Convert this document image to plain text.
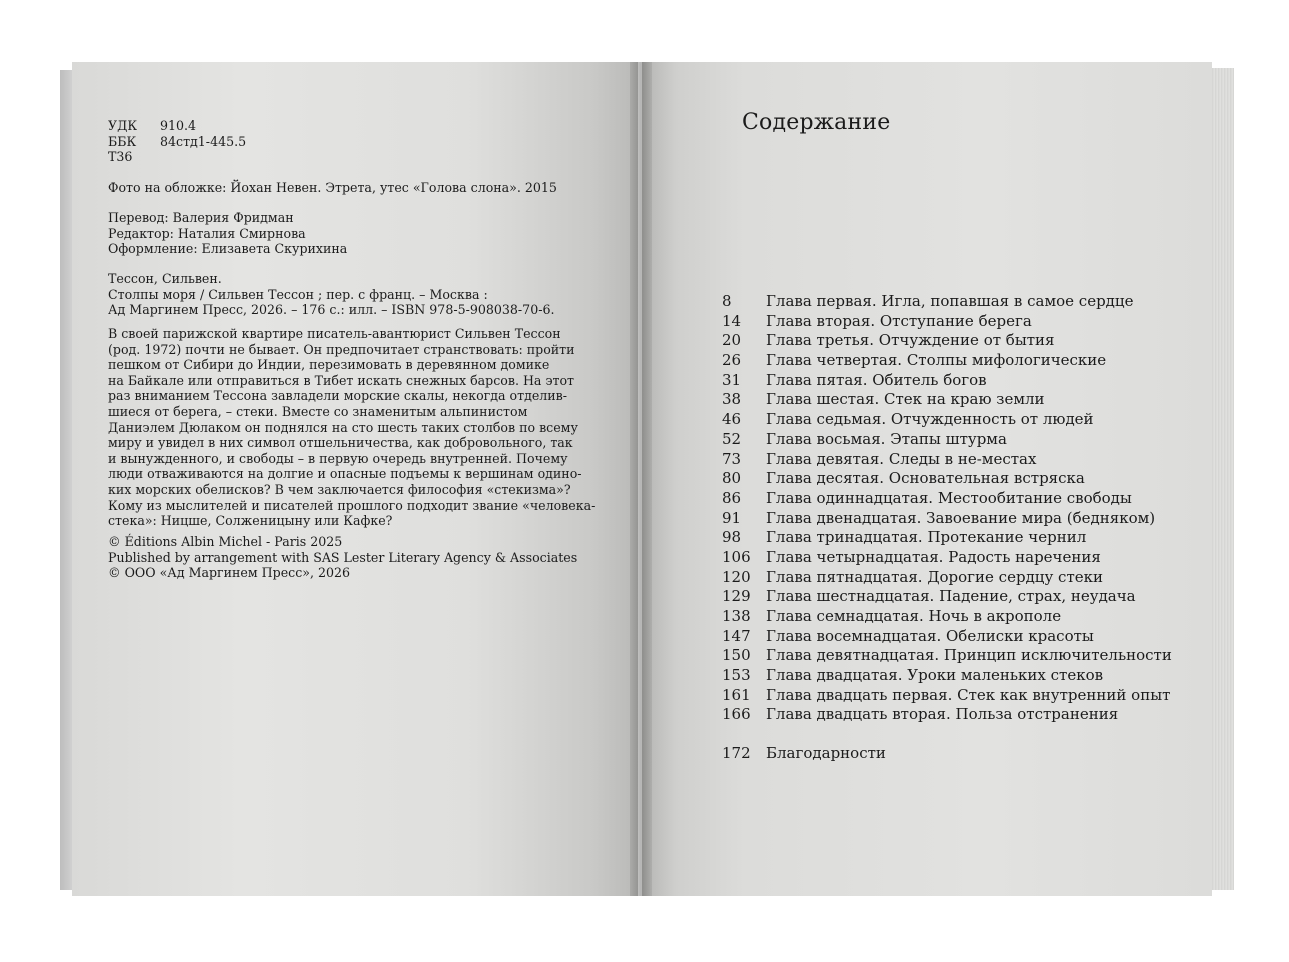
УДК 910.4
ББК 84стд1-445.5
Т36
Фото на обложке: Йохан Невен. Этрета, утес «Голова слона». 2015
Перевод: Валерия Фридман
Редактор: Наталия Смирнова
Оформление: Елизавета Скурихина
Тессон, Сильвен.
Столпы моря / Сильвен Тессон ; пер. с франц. – Москва :
Ад Маргинем Пресс, 2026. – 176 с.: илл. – ISBN 978-5-908038-70-6.
В своей парижской квартире писатель-авантюрист Сильвен Тессон
(род. 1972) почти не бывает. Он предпочитает странствовать: пройти
пешком от Сибири до Индии, перезимовать в деревянном домике
на Байкале или отправиться в Тибет искать снежных барсов. На этот
раз вниманием Тессона завладели морские скалы, некогда отделив-
шиеся от берега, – стеки. Вместе со знаменитым альпинистом
Даниэлем Дюлаком он поднялся на сто шесть таких столбов по всему
миру и увидел в них символ отшельничества, как добровольного, так
и вынужденного, и свободы – в первую очередь внутренней. Почему
люди отваживаются на долгие и опасные подъемы к вершинам одино-
ких морских обелисков? В чем заключается философия «стекизма»?
Кому из мыслителей и писателей прошлого подходит звание «человека-
стека»: Ницше, Солженицыну или Кафке?
© Éditions Albin Michel - Paris 2025
Published by arrangement with SAS Lester Literary Agency & Associates
© ООО «Ад Маргинем Пресс», 2026
Содержание
8 Глава первая. Игла, попавшая в самое сердце
14 Глава вторая. Отступание берега
20 Глава третья. Отчуждение от бытия
26 Глава четвертая. Столпы мифологические
31 Глава пятая. Обитель богов
38 Глава шестая. Стек на краю земли
46 Глава седьмая. Отчужденность от людей
52 Глава восьмая. Этапы штурма
73 Глава девятая. Следы в не-местах
80 Глава десятая. Основательная встряска
86 Глава одиннадцатая. Местообитание свободы
91 Глава двенадцатая. Завоевание мира (бедняком)
98 Глава тринадцатая. Протекание чернил
106 Глава четырнадцатая. Радость наречения
120 Глава пятнадцатая. Дорогие сердцу стеки
129 Глава шестнадцатая. Падение, страх, неудача
138 Глава семнадцатая. Ночь в акрополе
147 Глава восемнадцатая. Обелиски красоты
150 Глава девятнадцатая. Принцип исключительности
153 Глава двадцатая. Уроки маленьких стеков
161 Глава двадцать первая. Стек как внутренний опыт
166 Глава двадцать вторая. Польза отстранения
172 Благодарности
